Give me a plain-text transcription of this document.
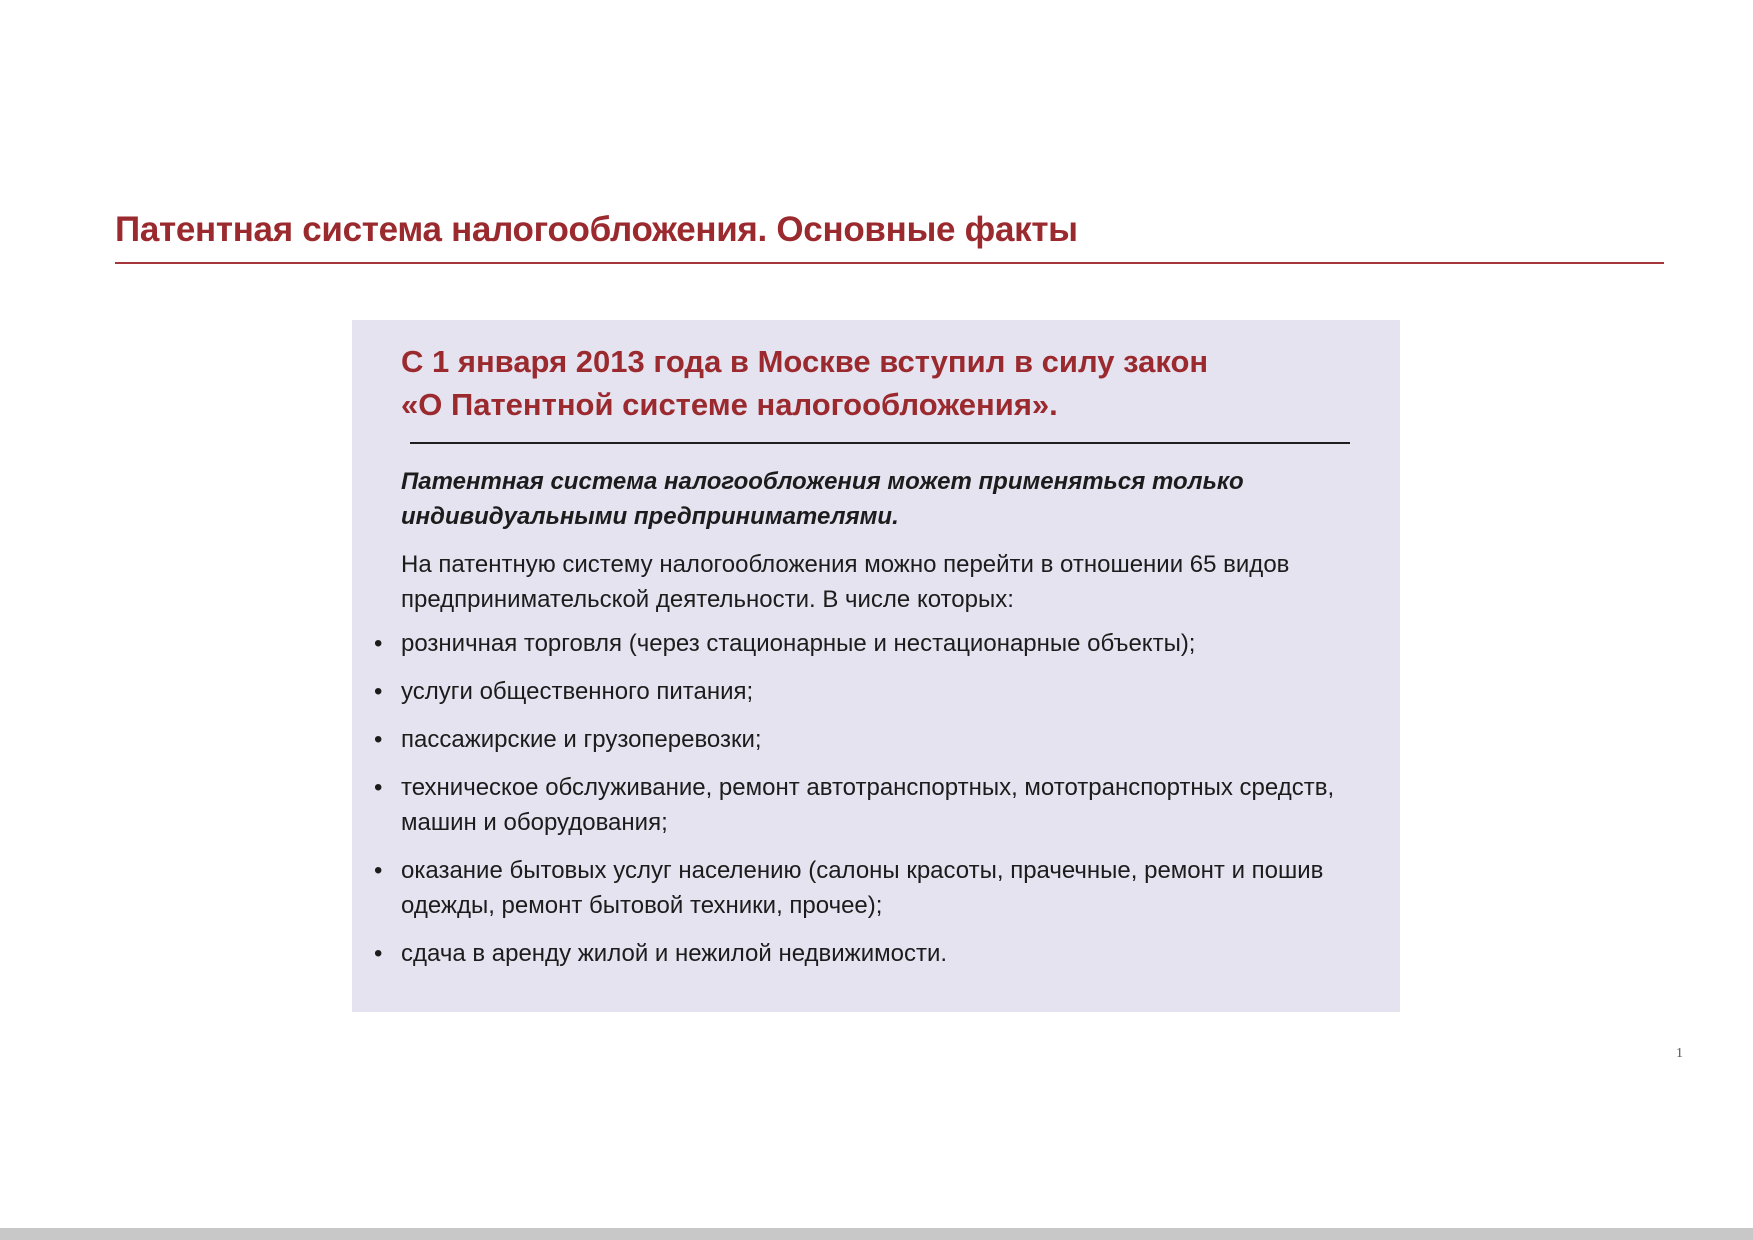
Патентная система налогообложения. Основные факты
С 1 января 2013 года в Москве вступил в силу закон
«О Патентной системе налогообложения».

Патентная система налогообложения может применяться только индивидуальными предпринимателями.

На патентную систему налогообложения можно перейти в отношении 65 видов предпринимательской деятельности. В числе которых:

• розничная торговля (через стационарные и нестационарные объекты);
• услуги общественного питания;
• пассажирские и грузоперевозки;
• техническое обслуживание, ремонт автотранспортных, мототранспортных средств, машин и оборудования;
• оказание бытовых услуг населению (салоны красоты, прачечные, ремонт и пошив одежды, ремонт бытовой техники, прочее);
• сдача в аренду жилой и нежилой недвижимости.
1
